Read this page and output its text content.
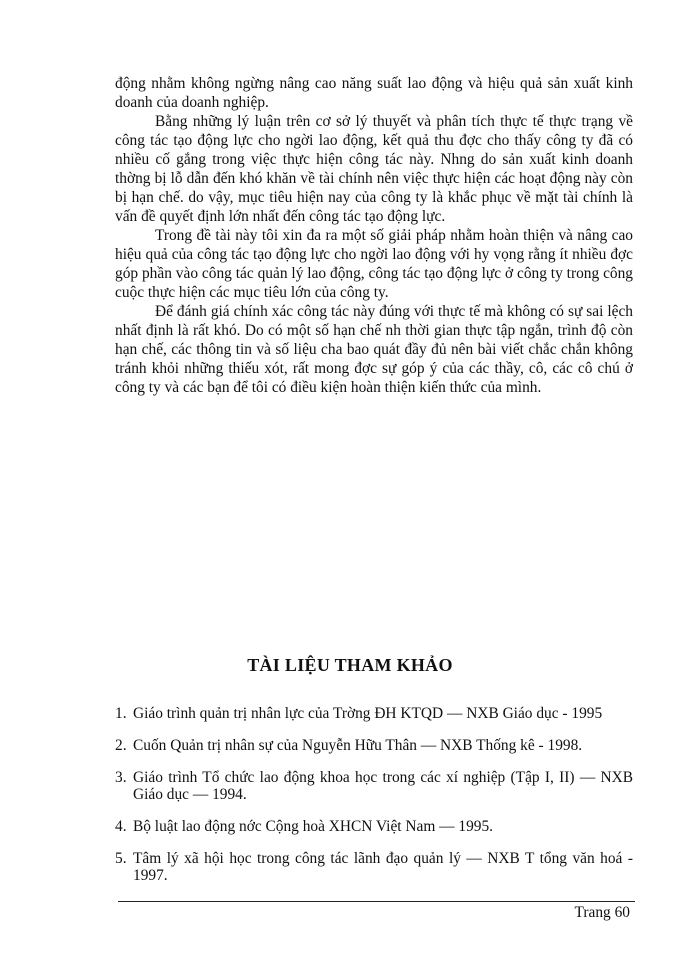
động nhằm không ngừng nâng cao năng suất lao động và hiệu quả sản xuất kinh doanh của doanh nghiệp.

Bằng những lý luận trên cơ sở lý thuyết và phân tích thực tế thực trạng về công tác tạo động lực cho ngời lao động, kết quả thu đợc cho thấy công ty đã có nhiều cố gắng trong việc thực hiện công tác này. Nhng do sản xuất kinh doanh thờng bị lỗ dẫn đến khó khăn về tài chính nên việc thực hiện các hoạt động này còn bị hạn chế. do vậy, mục tiêu hiện nay của công ty là khắc phục về mặt tài chính là vấn đề quyết định lớn nhất đến công tác tạo động lực.

Trong đề tài này tôi xin đa ra một số giải pháp nhằm hoàn thiện và nâng cao hiệu quả của công tác tạo động lực cho ngời lao động với hy vọng rằng ít nhiều đợc góp phần vào công tác quản lý lao động, công tác tạo động lực ở công ty trong công cuộc thực hiện các mục tiêu lớn của công ty.

Để đánh giá chính xác công tác này đúng với thực tế mà không có sự sai lệch nhất định là rất khó. Do có một số hạn chế nh thời gian thực tập ngắn, trình độ còn hạn chế, các thông tin và số liệu cha bao quát đầy đủ nên bài viết chắc chắn không tránh khỏi những thiếu xót, rất mong đợc sự góp ý của các thầy, cô, các cô chú ở công ty và các bạn để tôi có điều kiện hoàn thiện kiến thức của mình.

TÀI LIỆU THAM KHẢO
1. Giáo trình quản trị nhân lực của Trờng ĐH KTQD — NXB Giáo dục - 1995
2. Cuốn Quản trị nhân sự của Nguyễn Hữu Thân — NXB Thống kê - 1998.
3. Giáo trình Tổ chức lao động khoa học trong các xí nghiệp (Tập I, II) — NXB Giáo dục — 1994.
4. Bộ luật lao động nớc Cộng hoà XHCN Việt Nam — 1995.
5. Tâm lý xã hội học trong công tác lãnh đạo quản lý — NXB T tổng văn hoá - 1997.
Trang 60
